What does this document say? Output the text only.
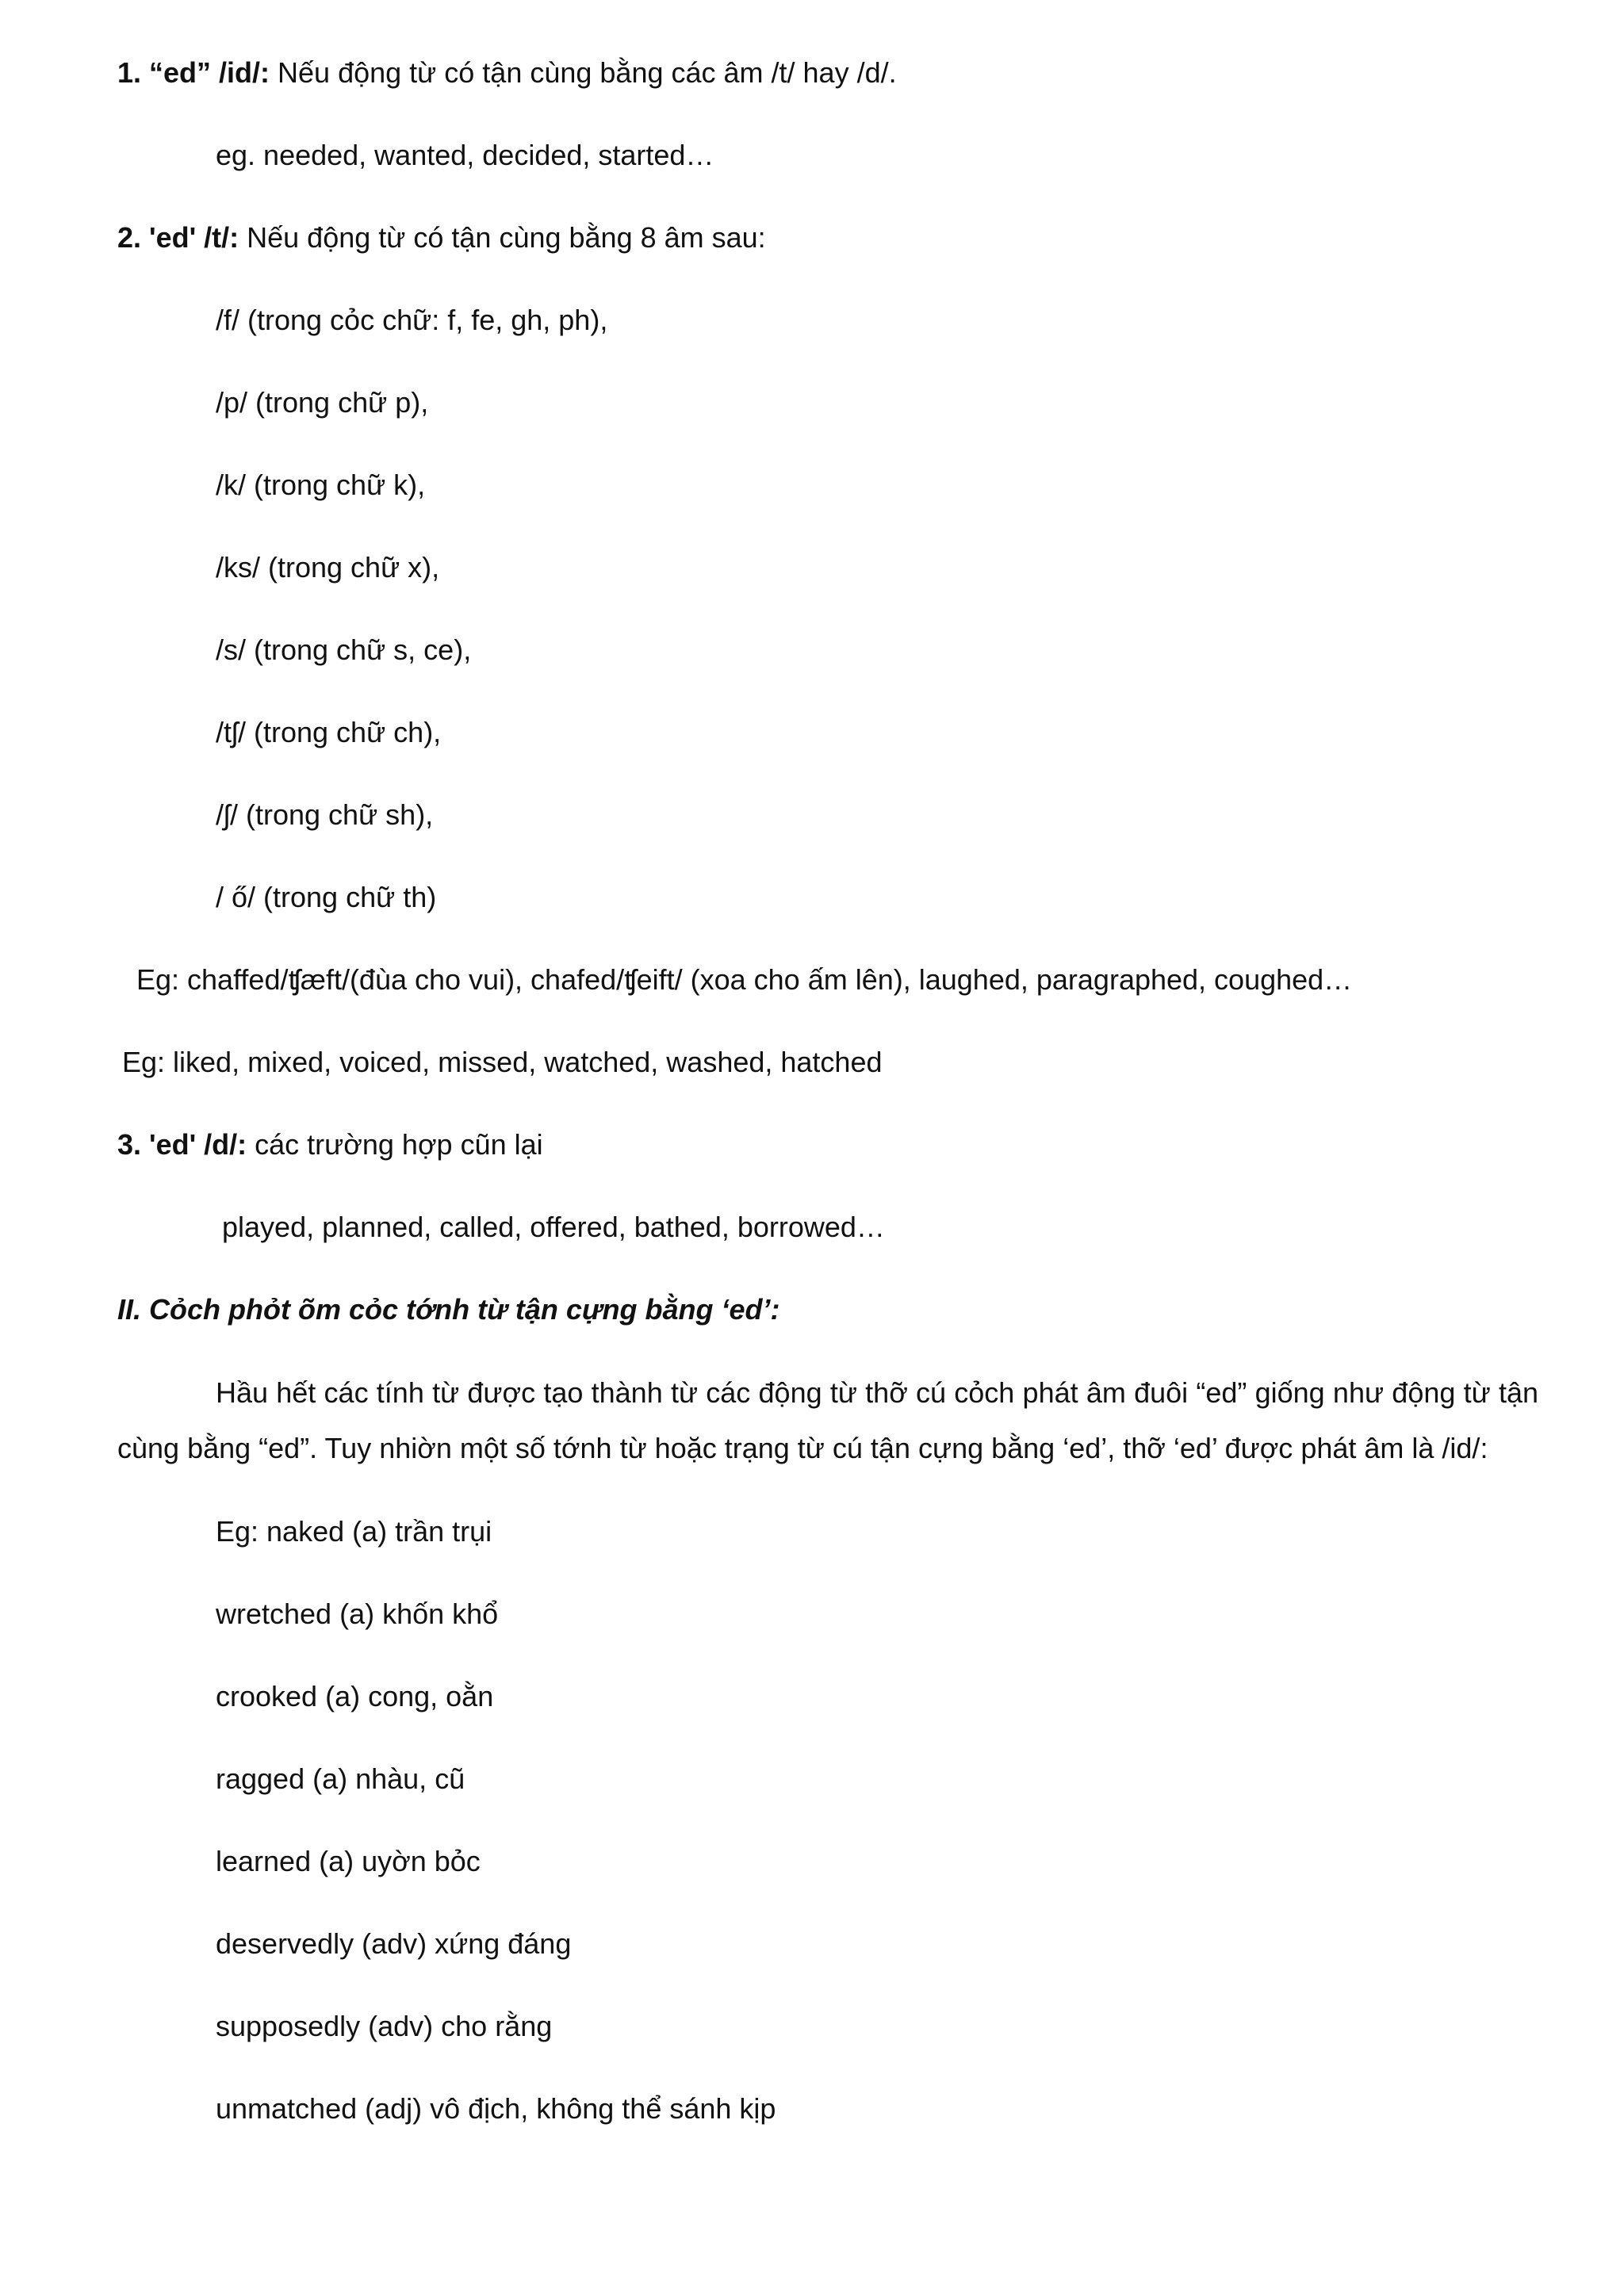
1. “ed” /id/: Nếu động từ có tận cùng bằng các âm /t/ hay /d/.
eg. needed, wanted, decided, started…
2. 'ed' /t/: Nếu động từ có tận cùng bằng 8 âm sau:
/f/ (trong cỏc chữ: f, fe, gh, ph),
/p/ (trong chữ p),
/k/ (trong chữ k),
/ks/ (trong chữ x),
/s/ (trong chữ s, ce),
/tʃ/ (trong chữ ch),
/ʃ/ (trong chữ sh),
/ ő/ (trong chữ th)
Eg: chaffed/ʧæft/(đùa cho vui), chafed/ʧeift/ (xoa cho ấm lên), laughed, paragraphed, coughed…
Eg: liked, mixed, voiced, missed, watched, washed, hatched
3. 'ed' /d/: các trường hợp cũn lại
played, planned, called, offered, bathed, borrowed…
II. Cỏch phỏt õm cỏc tớnh từ tận cựng bằng ‘ed’:
Hầu hết các tính từ được tạo thành từ các động từ thỡ cú cỏch phát âm đuôi “ed” giống như động từ tận cùng bằng “ed”. Tuy nhiờn một số tớnh từ hoặc trạng từ cú tận cựng bằng ‘ed’, thỡ ‘ed’ được phát âm là /id/:
Eg: naked (a) trần trụi
wretched (a) khốn khổ
crooked (a) cong, oằn
ragged (a) nhàu, cũ
learned (a) uyờn bỏc
deservedly (adv) xứng đáng
supposedly (adv) cho rằng
unmatched (adj) vô địch, không thể sánh kịp
